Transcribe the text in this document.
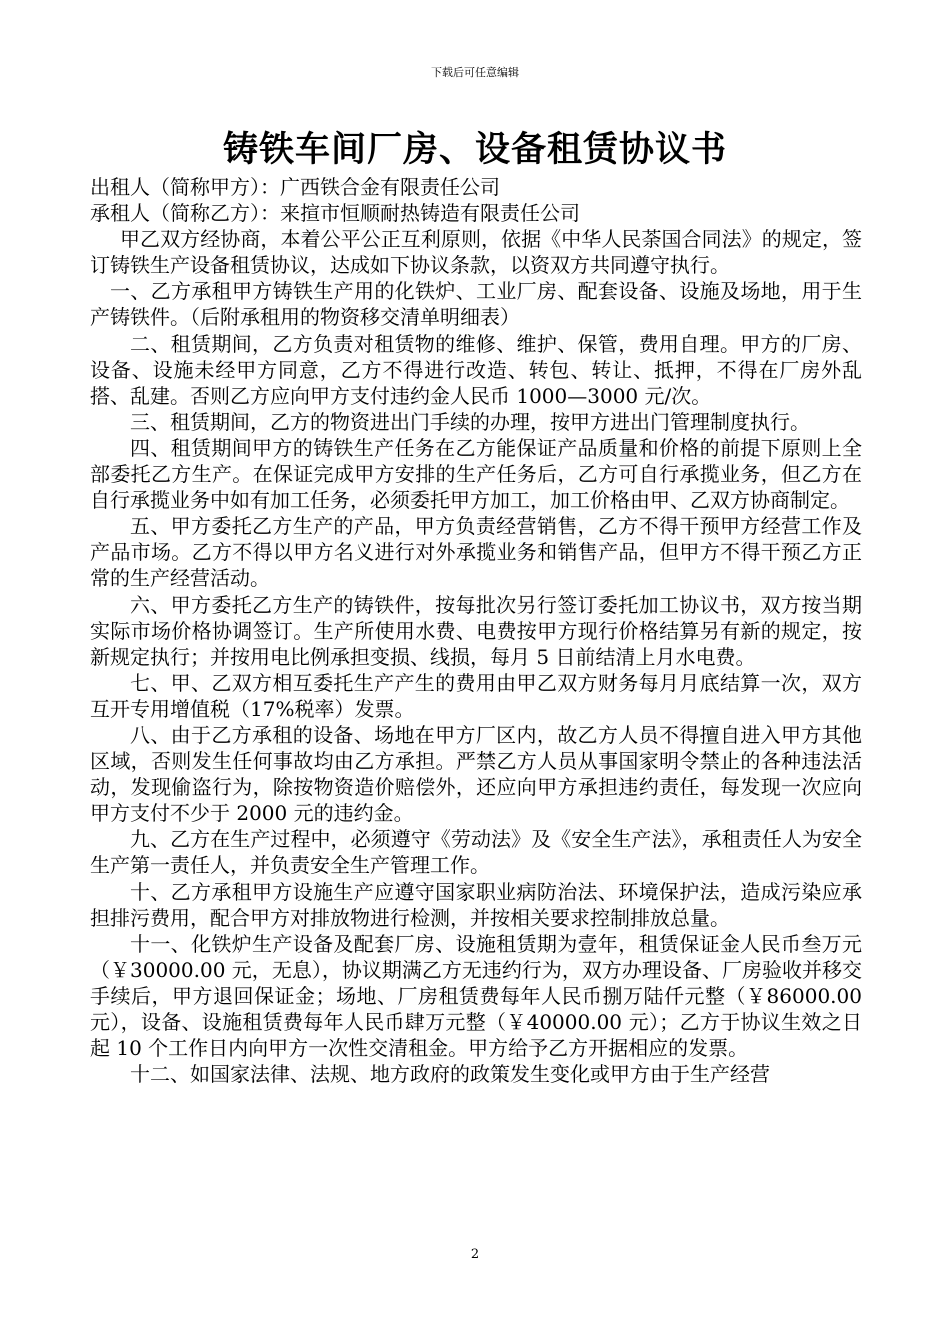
下载后可任意编辑
铸铁车间厂房、设备租赁协议书

出租人（简称甲方）：广西铁合金有限责任公司

承租人（简称乙方）：来揎市恒顺耐热铸造有限责任公司

甲乙双方经协商，本着公平公正互利原则，依据《中华人民荼国合同法》的规定，签订铸铁生产设备租赁协议，达成如下协议条款，以资双方共同遵守执行。

一、乙方承租甲方铸铁生产用的化铁炉、工业厂房、配套设备、设施及场地，用于生产铸铁件。（后附承租用的物资移交清单明细表）

二、租赁期间，乙方负责对租赁物的维修、维护、保管，费用自理。甲方的厂房、设备、设施未经甲方同意，乙方不得进行改造、转包、转让、抵押，不得在厂房外乱搭、乱建。否则乙方应向甲方支付违约金人民币 1000—3000 元/次。

三、租赁期间，乙方的物资进出门手续的办理，按甲方进出门管理制度执行。

四、租赁期间甲方的铸铁生产任务在乙方能保证产品质量和价格的前提下原则上全部委托乙方生产。在保证完成甲方安排的生产任务后，乙方可自行承揽业务，但乙方在自行承揽业务中如有加工任务，必须委托甲方加工，加工价格由甲、乙双方协商制定。

五、甲方委托乙方生产的产品，甲方负责经营销售，乙方不得干预甲方经营工作及产品市场。乙方不得以甲方名义进行对外承揽业务和销售产品，但甲方不得干预乙方正常的生产经营活动。

六、甲方委托乙方生产的铸铁件，按每批次另行签订委托加工协议书，双方按当期实际市场价格协调签订。生产所使用水费、电费按甲方现行价格结算另有新的规定，按新规定执行；并按用电比例承担变损、线损，每月 5 日前结清上月水电费。

七、甲、乙双方相互委托生产产生的费用由甲乙双方财务每月月底结算一次，双方互开专用增值税（17%税率）发票。

八、由于乙方承租的设备、场地在甲方厂区内，故乙方人员不得擅自进入甲方其他区域，否则发生任何事故均由乙方承担。严禁乙方人员从事国家明令禁止的各种违法活动，发现偷盗行为，除按物资造价赔偿外，还应向甲方承担违约责任，每发现一次应向甲方支付不少于 2000 元的违约金。

九、乙方在生产过程中，必须遵守《劳动法》及《安全生产法》，承租责任人为安全生产第一责任人，并负责安全生产管理工作。

十、乙方承租甲方设施生产应遵守国家职业病防治法、环境保护法，造成污染应承担排污费用，配合甲方对排放物进行检测，并按相关要求控制排放总量。

十一、化铁炉生产设备及配套厂房、设施租赁期为壹年，租赁保证金人民币叁万元（￥30000.00 元，无息），协议期满乙方无违约行为，双方办理设备、厂房验收并移交手续后，甲方退回保证金；场地、厂房租赁费每年人民币捌万陆仟元整（￥86000.00 元），设备、设施租赁费每年人民币肆万元整（￥40000.00 元）；乙方于协议生效之日起 10 个工作日内向甲方一次性交清租金。甲方给予乙方开据相应的发票。

十二、如国家法律、法规、地方政府的政策发生变化或甲方由于生产经营

2
